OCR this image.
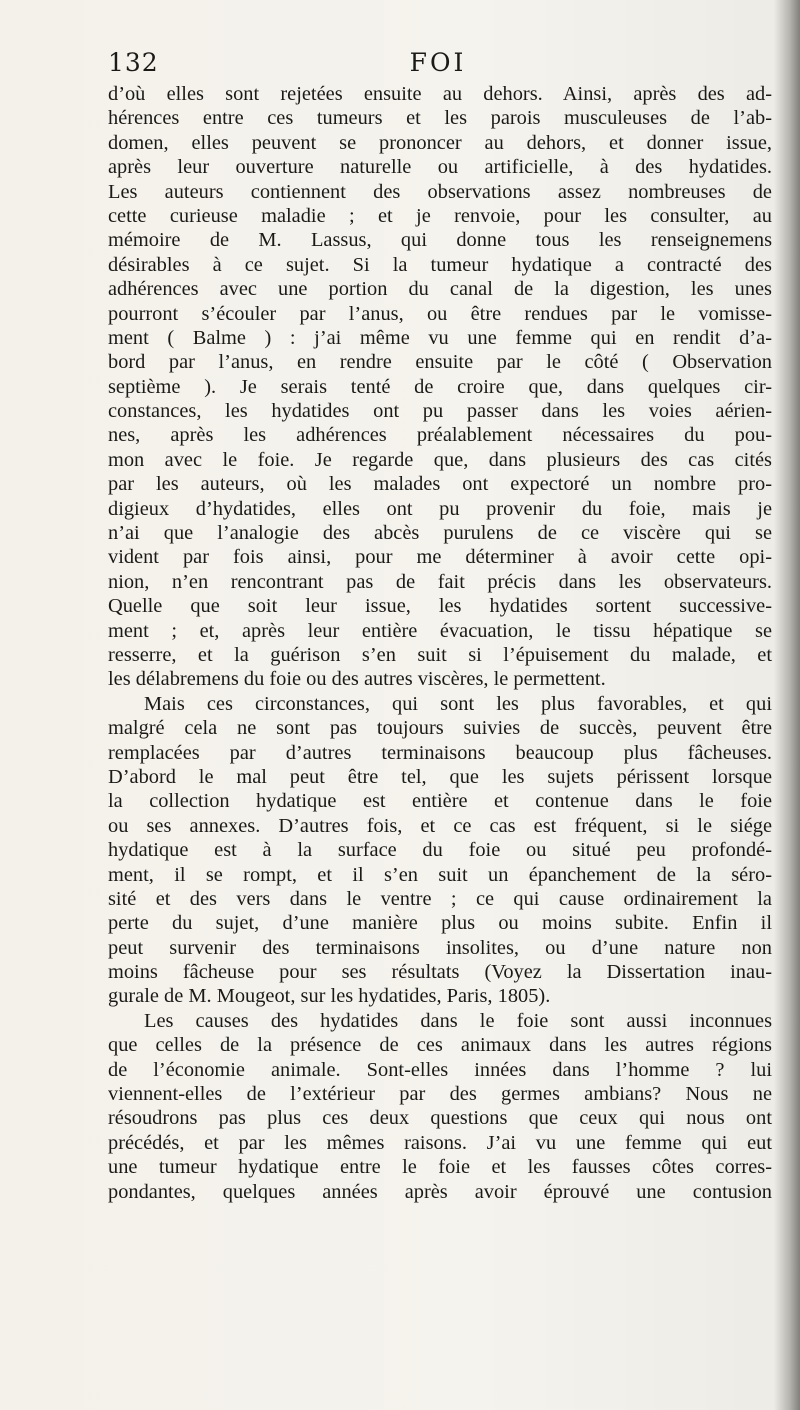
132	FOI
d’où elles sont rejetées ensuite au dehors. Ainsi, après des ad-
hérences entre ces tumeurs et les parois musculeuses de l’ab-
domen, elles peuvent se prononcer au dehors, et donner issue,
après leur ouverture naturelle ou artificielle, à des hydatides.
Les auteurs contiennent des observations assez nombreuses de
cette curieuse maladie ; et je renvoie, pour les consulter, au
mémoire de M. Lassus, qui donne tous les renseignemens
désirables à ce sujet. Si la tumeur hydatique a contracté des
adhérences avec une portion du canal de la digestion, les unes
pourront s’écouler par l’anus, ou être rendues par le vomisse-
ment ( Balme ) : j’ai même vu une femme qui en rendit d’a-
bord par l’anus, en rendre ensuite par le côté ( Observation
septième ). Je serais tenté de croire que, dans quelques cir-
constances, les hydatides ont pu passer dans les voies aérien-
nes, après les adhérences préalablement nécessaires du pou-
mon avec le foie. Je regarde que, dans plusieurs des cas cités
par les auteurs, où les malades ont expectoré un nombre pro-
digieux d’hydatides, elles ont pu provenir du foie, mais je
n’ai que l’analogie des abcès purulens de ce viscère qui se
vident par fois ainsi, pour me déterminer à avoir cette opi-
nion, n’en rencontrant pas de fait précis dans les observateurs.
Quelle que soit leur issue, les hydatides sortent successive-
ment ; et, après leur entière évacuation, le tissu hépatique se
resserre, et la guérison s’en suit si l’épuisement du malade, et
les délabremens du foie ou des autres viscères, le permettent.
Mais ces circonstances, qui sont les plus favorables, et qui
malgré cela ne sont pas toujours suivies de succès, peuvent être
remplacées par d’autres terminaisons beaucoup plus fâcheuses.
D’abord le mal peut être tel, que les sujets périssent lorsque
la collection hydatique est entière et contenue dans le foie
ou ses annexes. D’autres fois, et ce cas est fréquent, si le siége
hydatique est à la surface du foie ou situé peu profondé-
ment, il se rompt, et il s’en suit un épanchement de la séro-
sité et des vers dans le ventre ; ce qui cause ordinairement la
perte du sujet, d’une manière plus ou moins subite. Enfin il
peut survenir des terminaisons insolites, ou d’une nature non
moins fâcheuse pour ses résultats (Voyez la Dissertation inau-
gurale de M. Mougeot, sur les hydatides, Paris, 1805).
Les causes des hydatides dans le foie sont aussi inconnues
que celles de la présence de ces animaux dans les autres régions
de l’économie animale. Sont-elles innées dans l’homme ? lui
viennent-elles de l’extérieur par des germes ambians? Nous ne
résoudrons pas plus ces deux questions que ceux qui nous ont
précédés, et par les mêmes raisons. J’ai vu une femme qui eut
une tumeur hydatique entre le foie et les fausses côtes corres-
pondantes, quelques années après avoir éprouvé une contusion
